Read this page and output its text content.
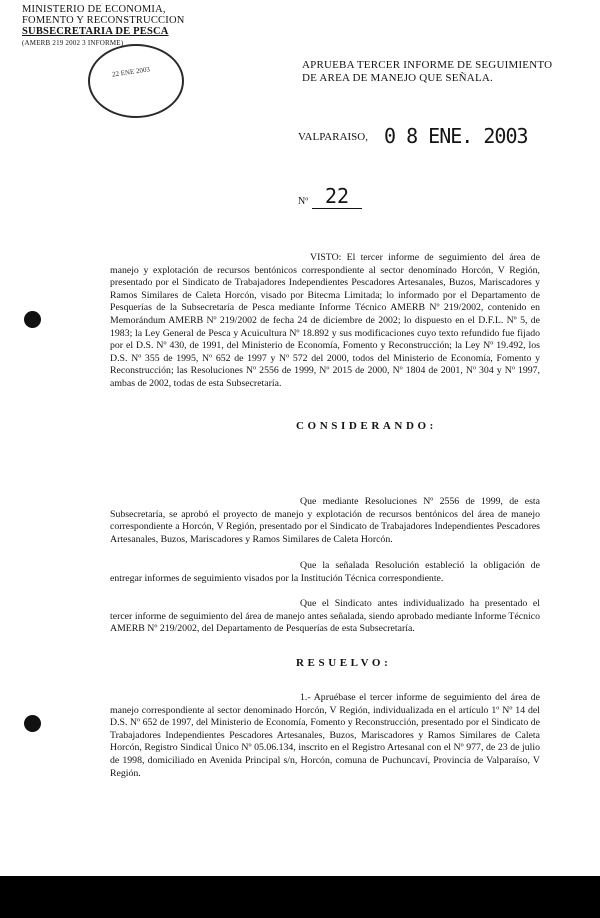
MINISTERIO DE ECONOMIA,
FOMENTO Y RECONSTRUCCION
SUBSECRETARIA DE PESCA
(AMERB 219 2002 3 INFORME)
22 ENE 2003
APRUEBA TERCER INFORME DE SEGUIMIENTO
DE AREA DE MANEJO QUE SEÑALA.
VALPARAISO, 0 8 ENE. 2003
Nº 22
VISTO: El tercer informe de seguimiento del área de manejo y explotación de recursos bentónicos correspondiente al sector denominado Horcón, V Región, presentado por el Sindicato de Trabajadores Independientes Pescadores Artesanales, Buzos, Mariscadores y Ramos Similares de Caleta Horcón, visado por Bitecma Limitada; lo informado por el Departamento de Pesquerías de la Subsecretaría de Pesca mediante Informe Técnico AMERB Nº 219/2002, contenido en Memorándum AMERB Nº 219/2002 de fecha 24 de diciembre de 2002; lo dispuesto en el D.F.L. Nº 5, de 1983; la Ley General de Pesca y Acuicultura Nº 18.892 y sus modificaciones cuyo texto refundido fue fijado por el D.S. Nº 430, de 1991, del Ministerio de Economía, Fomento y Reconstrucción; la Ley Nº 19.492, los D.S. Nº 355 de 1995, Nº 652 de 1997 y Nº 572 del 2000, todos del Ministerio de Economía, Fomento y Reconstrucción; las Resoluciones Nº 2556 de 1999, Nº 2015 de 2000, Nº 1804 de 2001, Nº 304 y Nº 1997, ambas de 2002, todas de esta Subsecretaría.
CONSIDERANDO:
Que mediante Resoluciones Nº 2556 de 1999, de esta Subsecretaría, se aprobó el proyecto de manejo y explotación de recursos bentónicos del área de manejo correspondiente a Horcón, V Región, presentado por el Sindicato de Trabajadores Independientes Pescadores Artesanales, Buzos, Mariscadores y Ramos Similares de Caleta Horcón.
Que la señalada Resolución estableció la obligación de entregar informes de seguimiento visados por la Institución Técnica correspondiente.
Que el Sindicato antes individualizado ha presentado el tercer informe de seguimiento del área de manejo antes señalada, siendo aprobado mediante Informe Técnico AMERB Nº 219/2002, del Departamento de Pesquerías de esta Subsecretaría.
RESUELVO:
1.- Apruébase el tercer informe de seguimiento del área de manejo correspondiente al sector denominado Horcón, V Región, individualizada en el artículo 1º Nº 14 del D.S. Nº 652 de 1997, del Ministerio de Economía, Fomento y Reconstrucción, presentado por el Sindicato de Trabajadores Independientes Pescadores Artesanales, Buzos, Mariscadores y Ramos Similares de Caleta Horcón, Registro Sindical Único Nº 05.06.134, inscrito en el Registro Artesanal con el Nº 977, de 23 de julio de 1998, domiciliado en Avenida Principal s/n, Horcón, comuna de Puchuncaví, Provincia de Valparaíso, V Región.
